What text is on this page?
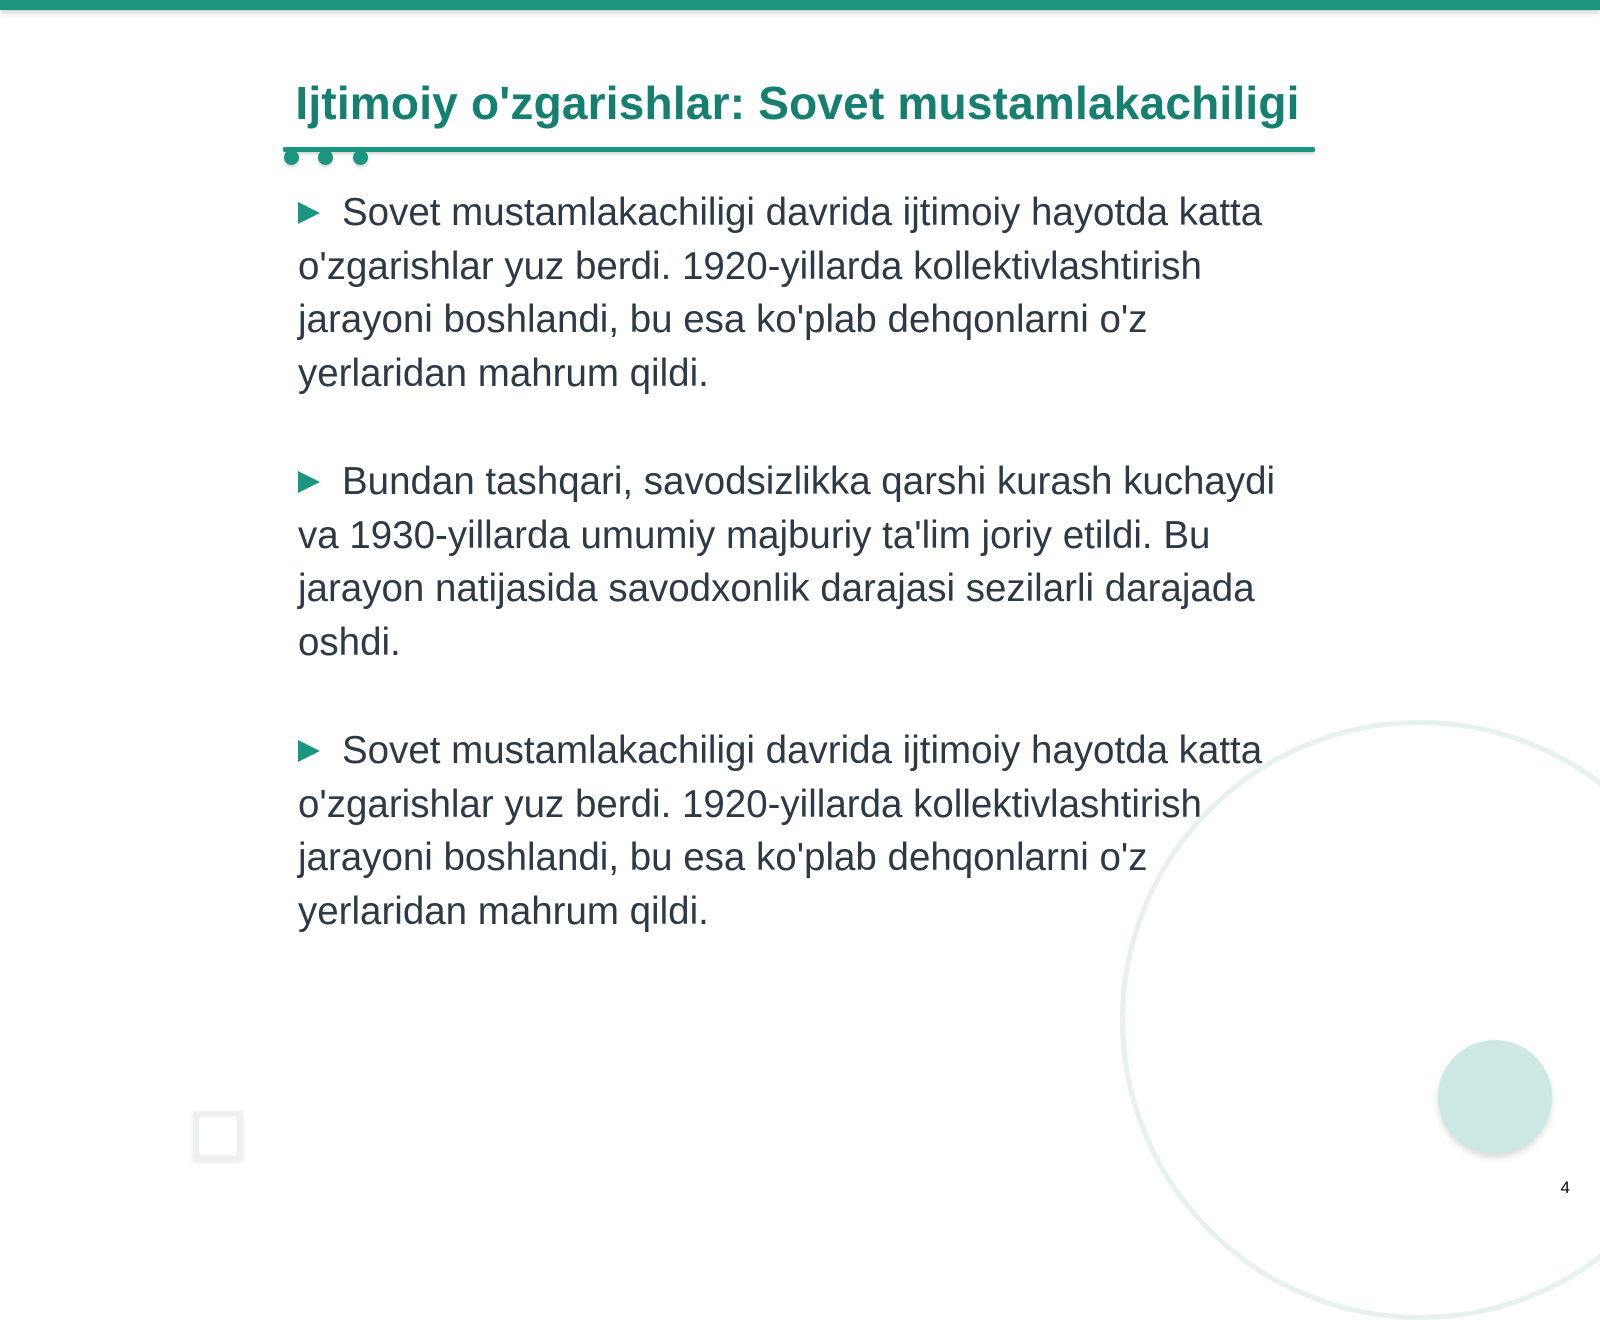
Ijtimoiy o'zgarishlar: Sovet mustamlakachiligi
Sovet mustamlakachiligi davrida ijtimoiy hayotda katta o'zgarishlar yuz berdi. 1920-yillarda kollektivlashtirish jarayoni boshlandi, bu esa ko'plab dehqonlarni o'z yerlaridan mahrum qildi.
Bundan tashqari, savodsizlikka qarshi kurash kuchaydi va 1930-yillarda umumiy majburiy ta'lim joriy etildi. Bu jarayon natijasida savodxonlik darajasi sezilarli darajada oshdi.
Sovet mustamlakachiligi davrida ijtimoiy hayotda katta o'zgarishlar yuz berdi. 1920-yillarda kollektivlashtirish jarayoni boshlandi, bu esa ko'plab dehqonlarni o'z yerlaridan mahrum qildi.
4
